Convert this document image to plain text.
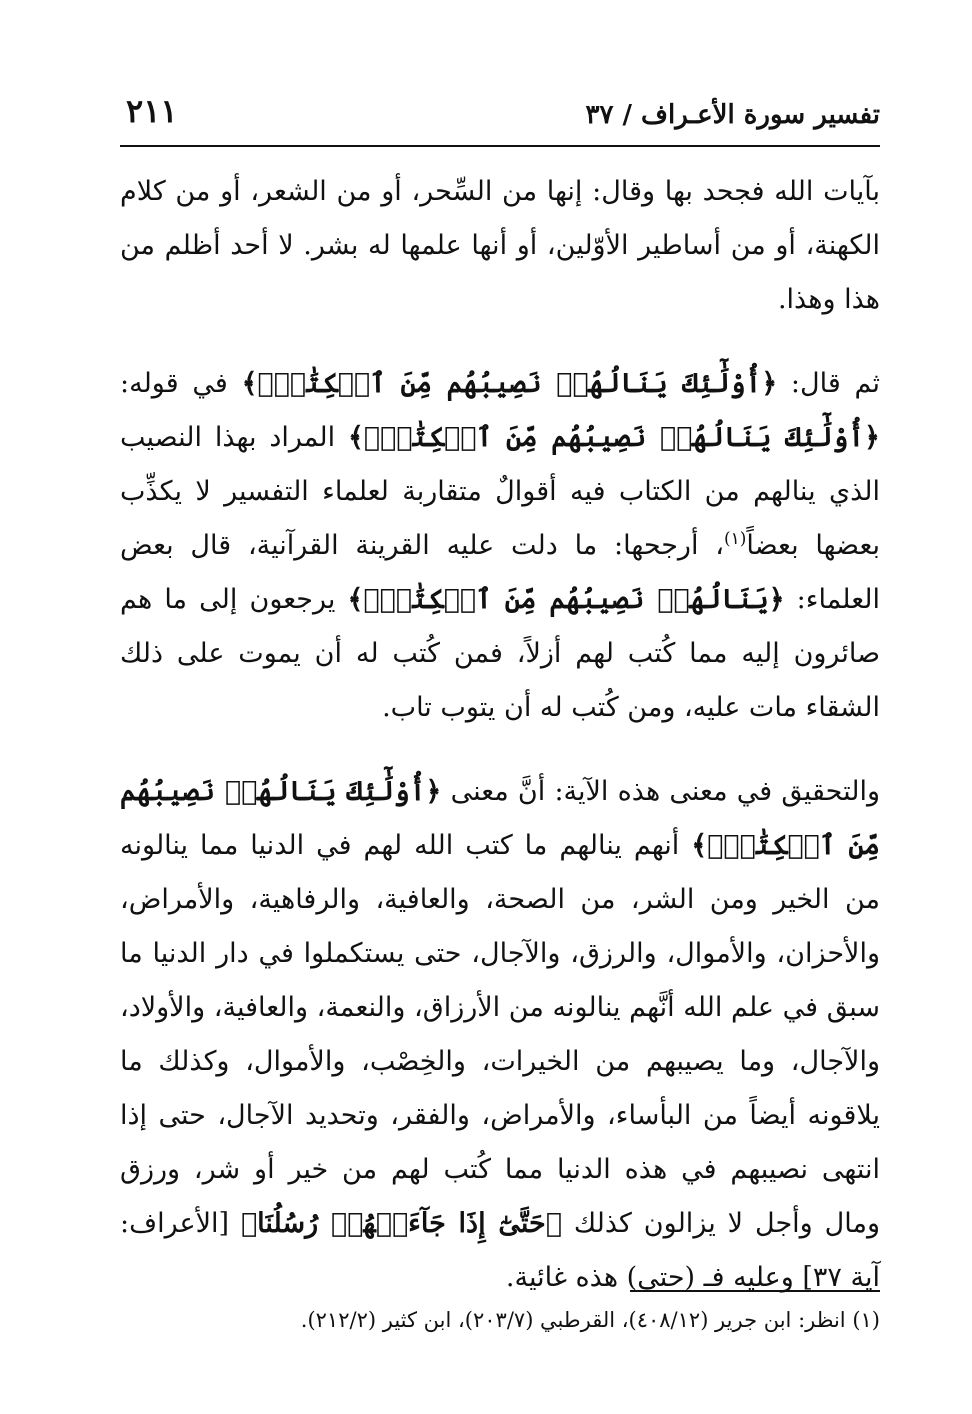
تفسير سورة الأعـراف / ٣٧
٢١١

بآيات الله فجحد بها وقال: إنها من السِّحر، أو من الشعر، أو من كلام الكهنة، أو من أساطير الأوّلين، أو أنها علمها له بشر. لا أحد أظلم من هذا وهذا.

ثم قال: ﴿أُوْلَٰٓئِكَ يَنَالُهُمۡ نَصِيبُهُم مِّنَ ٱلۡكِتَٰبِۖ﴾ في قوله: ﴿أُوْلَٰٓئِكَ يَنَالُهُمۡ نَصِيبُهُم مِّنَ ٱلۡكِتَٰبِۖ﴾ المراد بهذا النصيب الذي ينالهم من الكتاب فيه أقوالٌ متقاربة لعلماء التفسير لا يكذِّب بعضها بعضاً$^{(١)}$، أرجحها: ما دلت عليه القرينة القرآنية، قال بعض العلماء: ﴿يَنَالُهُمۡ نَصِيبُهُم مِّنَ ٱلۡكِتَٰبِۖ﴾ يرجعون إلى ما هم صائرون إليه مما كُتب لهم أزلاً، فمن كُتب له أن يموت على ذلك الشقاء مات عليه، ومن كُتب له أن يتوب تاب.

والتحقيق في معنى هذه الآية: أنَّ معنى ﴿أُوْلَٰٓئِكَ يَنَالُهُمۡ نَصِيبُهُم مِّنَ ٱلۡكِتَٰبِۖ﴾ أنهم ينالهم ما كتب الله لهم في الدنيا مما ينالونه من الخير ومن الشر، من الصحة، والعافية، والرفاهية، والأمراض، والأحزان، والأموال، والرزق، والآجال، حتى يستكملوا في دار الدنيا ما سبق في علم الله أنَّهم ينالونه من الأرزاق، والنعمة، والعافية، والأولاد، والآجال، وما يصيبهم من الخيرات، والخِصْب، والأموال، وكذلك ما يلاقونه أيضاً من البأساء، والأمراض، والفقر، وتحديد الآجال، حتى إذا انتهى نصيبهم في هذه الدنيا مما كُتب لهم من خير أو شر، ورزق ومال وأجل لا يزالون كذلك ﴿حَتَّىٰٓ إِذَا جَآءَتۡهُمۡ رُسُلُنَا﴾ [الأعراف: آية ٣٧] وعليه فـ (حتى) هذه غائية.

(١) انظر: ابن جرير (٤٠٨/١٢)، القرطبي (٢٠٣/٧)، ابن كثير (٢١٢/٢).
